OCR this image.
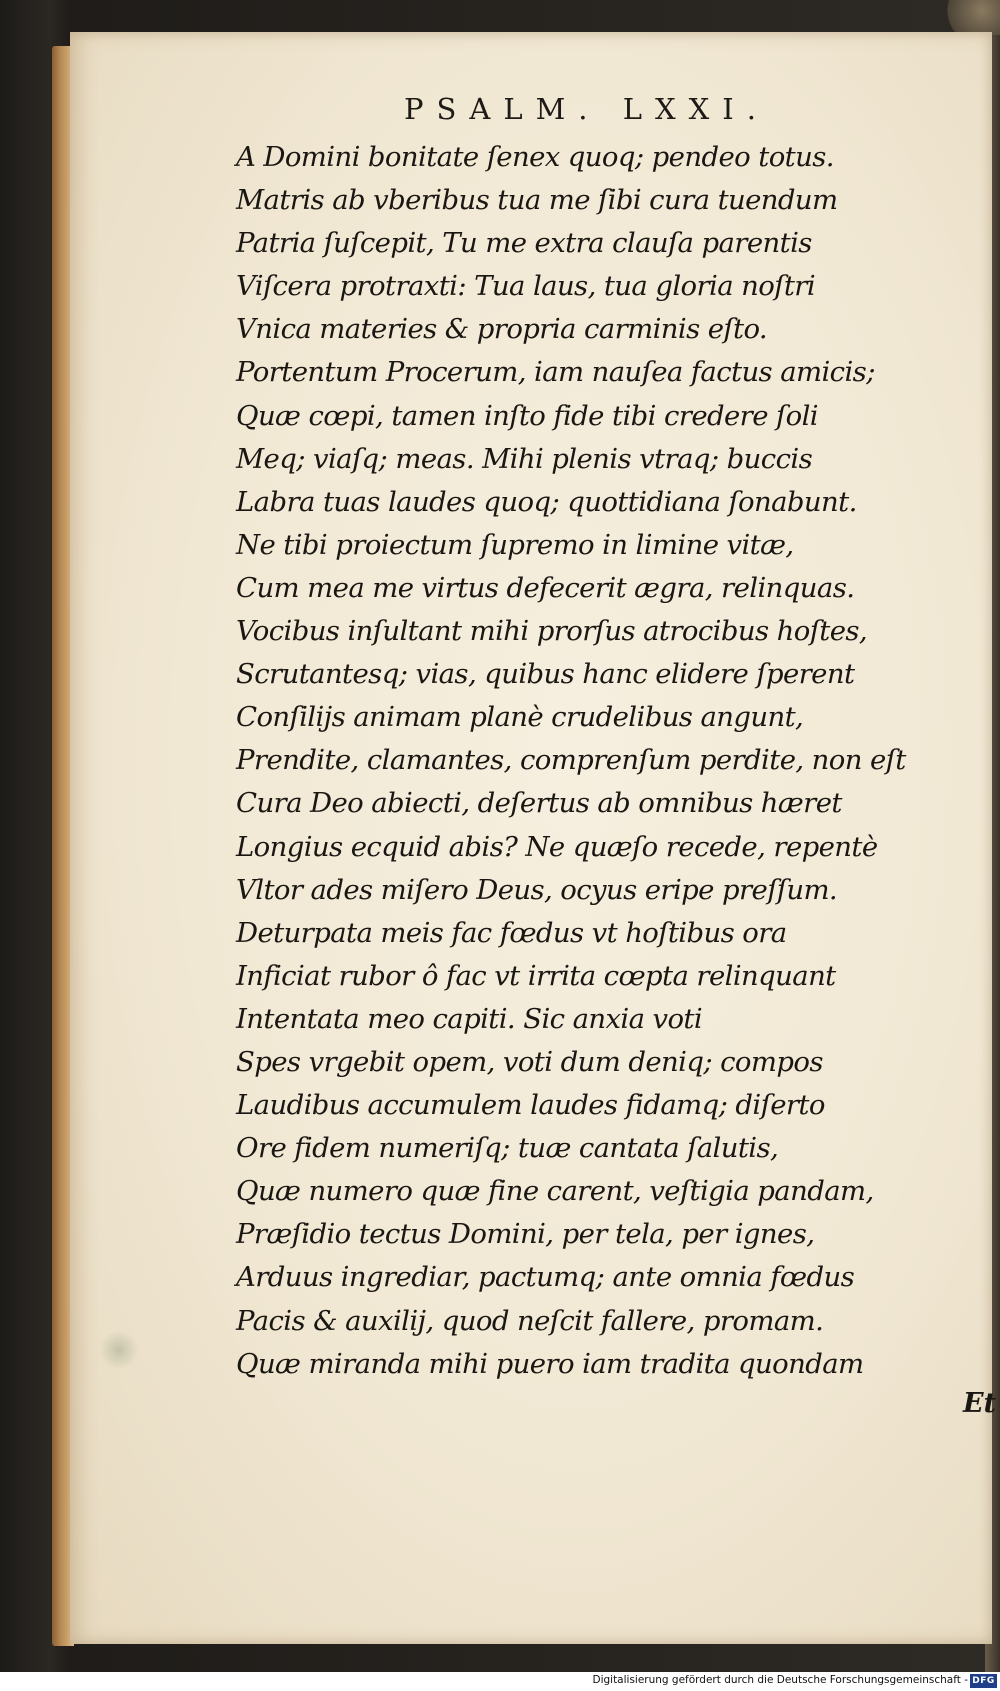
PSALM. LXXI.
A Domini bonitate ſenex quoq; pendeo totus.
Matris ab vberibus tua me ſibi cura tuendum
Patria ſuſcepit, Tu me extra clauſa parentis
Viſcera protraxti: Tua laus, tua gloria noſtri
Vnica materies & propria carminis eſto.
Portentum Procerum, iam nauſea factus amicis;
Quæ cœpi, tamen inſto fide tibi credere ſoli
Meq; viaſq; meas. Mihi plenis vtraq; buccis
Labra tuas laudes quoq; quottidiana ſonabunt.
Ne tibi proiectum ſupremo in limine vitæ,
Cum mea me virtus defecerit ægra, relinquas.
Vocibus inſultant mihi prorſus atrocibus hoſtes,
Scrutantesq; vias, quibus hanc elidere ſperent
Conſilijs animam planè crudelibus angunt,
Prendite, clamantes, comprenſum perdite, non eſt
Cura Deo abiecti, deſertus ab omnibus hæret
Longius ecquid abis? Ne quæſo recede, repentè
Vltor ades miſero Deus, ocyus eripe preſſum.
Deturpata meis fac fœdus vt hoſtibus ora
Inficiat rubor ô fac vt irrita cœpta relinquant
Intentata meo capiti. Sic anxia voti
Spes vrgebit opem, voti dum deniq; compos
Laudibus accumulem laudes fidamq; diſerto
Ore fidem numeriſq; tuæ cantata ſalutis,
Quæ numero quæ fine carent, veſtigia pandam,
Præſidio tectus Domini, per tela, per ignes,
Arduus ingrediar, pactumq; ante omnia fœdus
Pacis & auxilij, quod neſcit fallere, promam.
Quæ miranda mihi puero iam tradita quondam
Et
Digitalisierung gefördert durch die Deutsche Forschungsgemeinschaft - DFG
